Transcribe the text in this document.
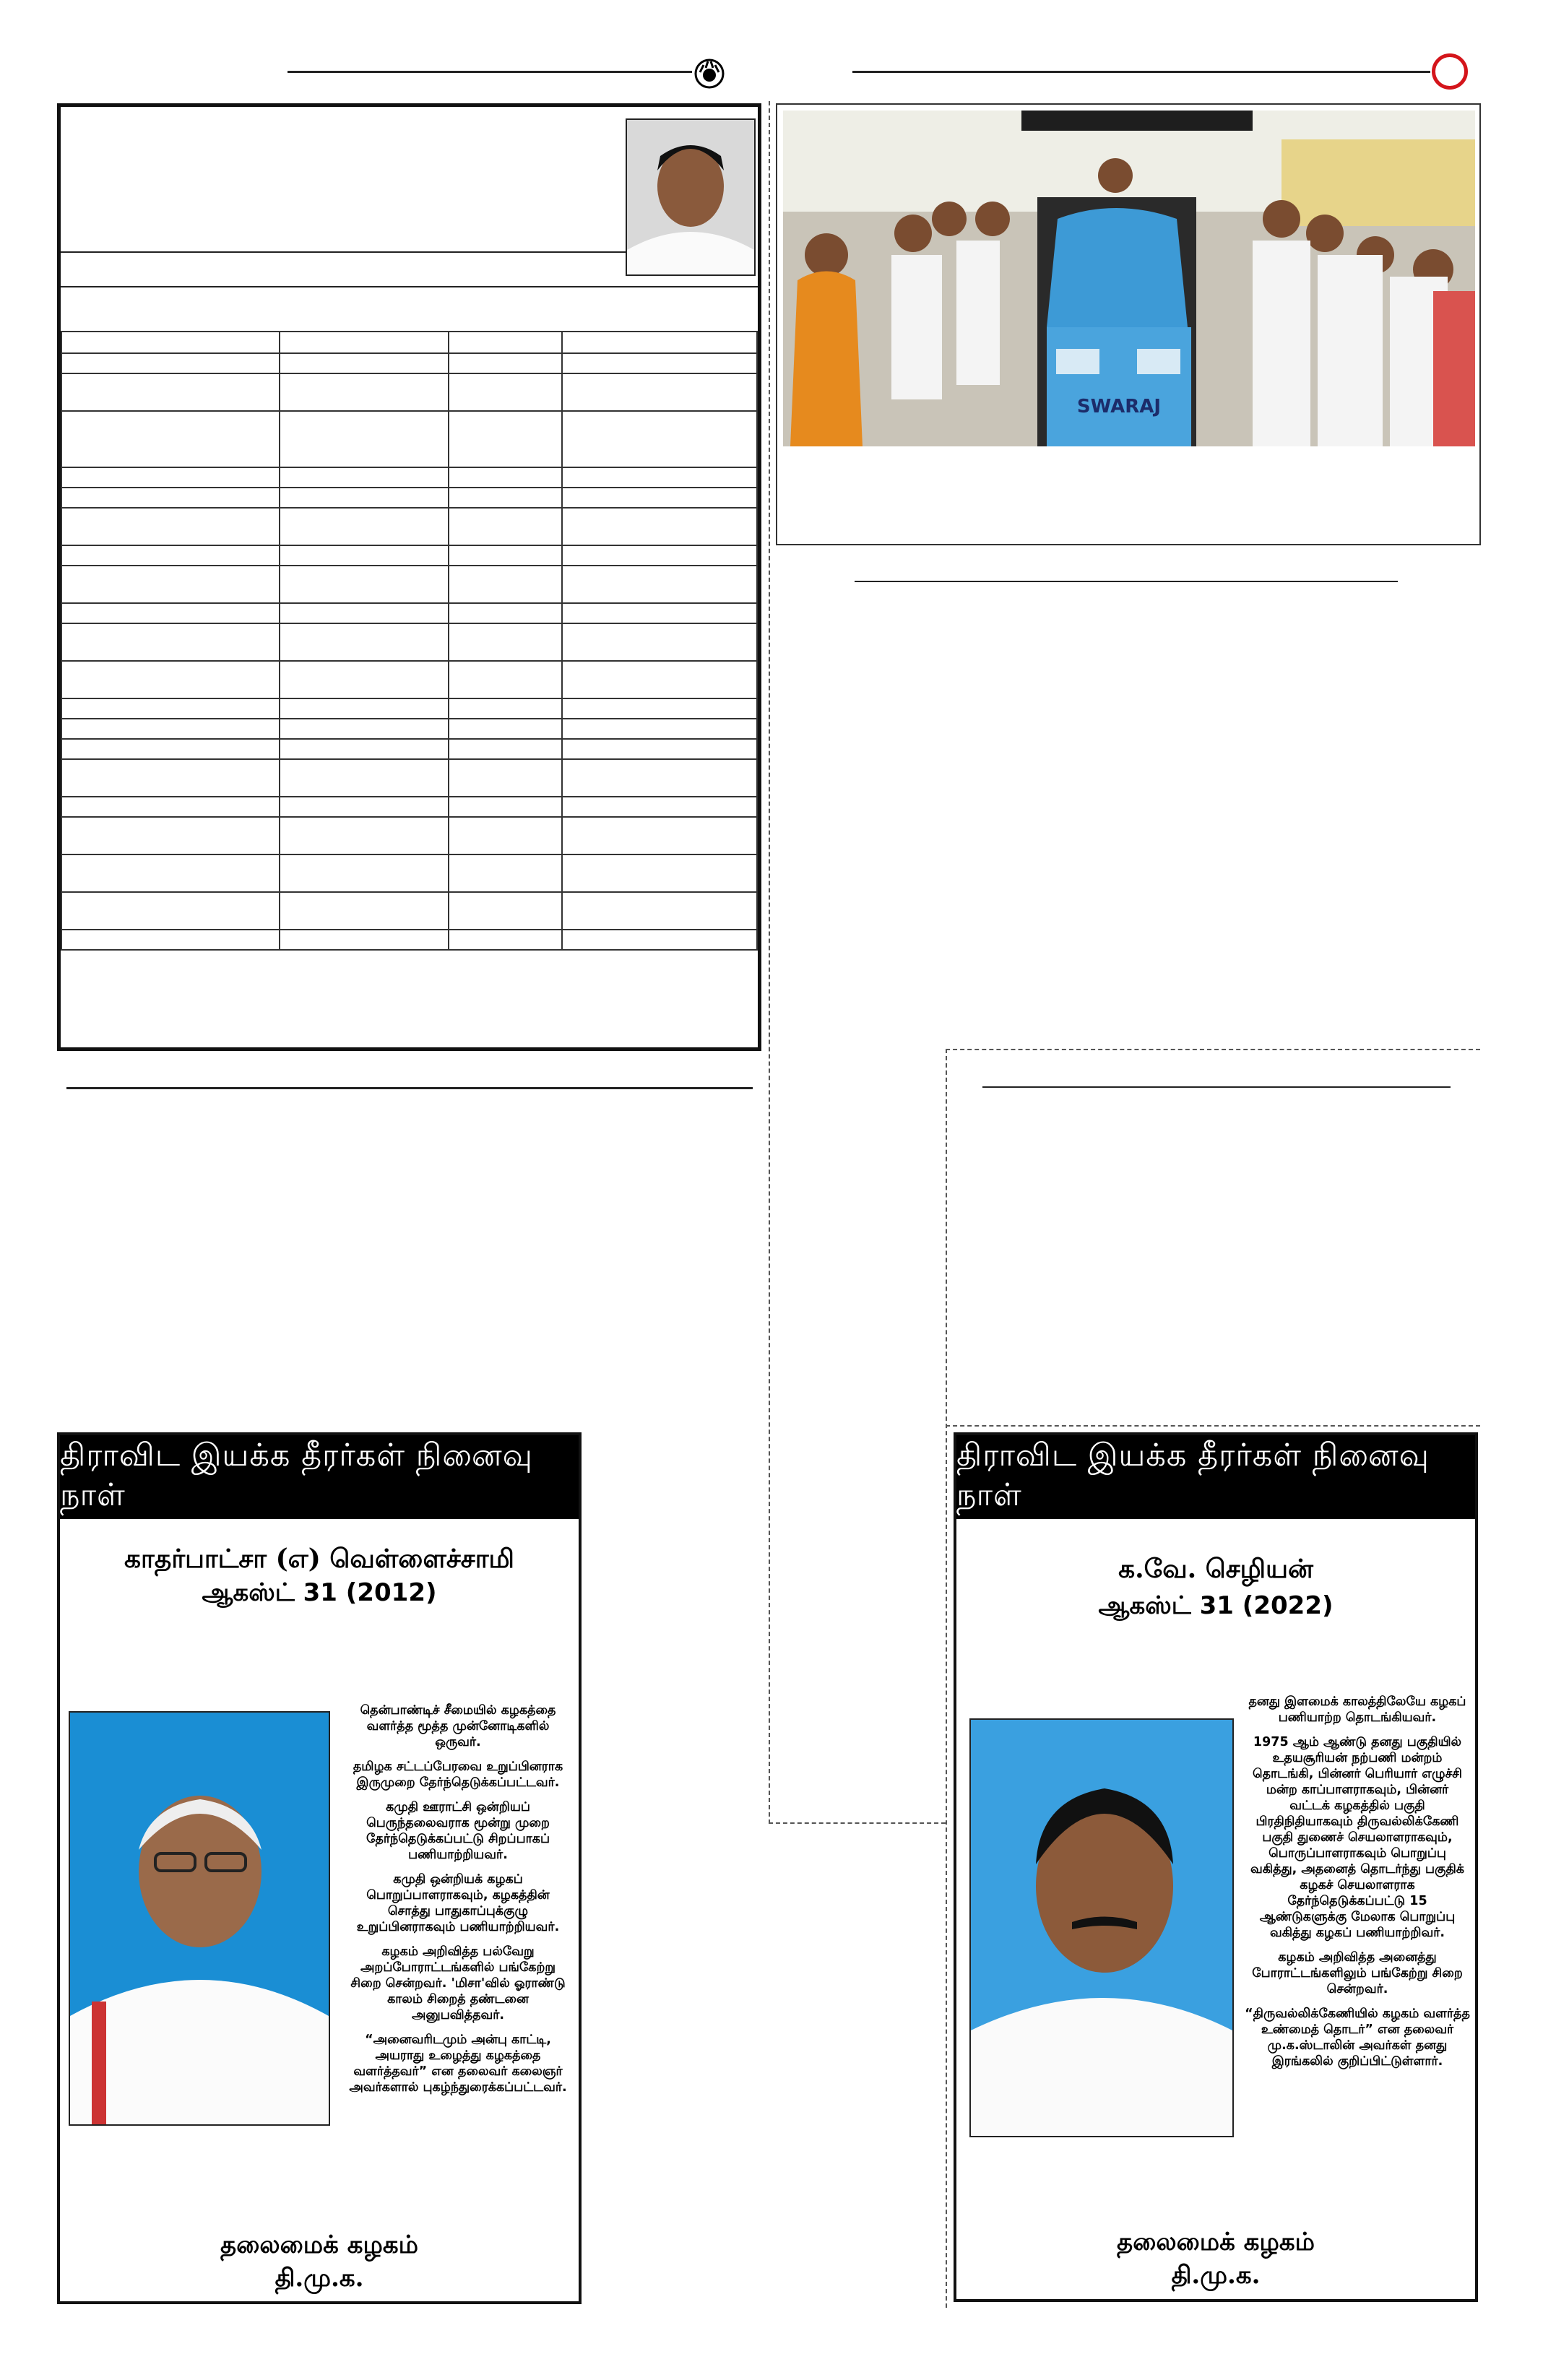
SWARAJ
திராவிட இயக்க தீரர்கள் நினைவு நாள்
காதர்பாட்சா (எ) வெள்ளைச்சாமி
ஆகஸ்ட் 31 (2012)

தென்பாண்டிச் சீமையில் கழகத்தை வளர்த்த மூத்த முன்னோடிகளில் ஒருவர்.

தமிழக சட்டப்பேரவை உறுப்பினராக இருமுறை தேர்ந்தெடுக்கப்பட்டவர்.

கமுதி ஊராட்சி ஒன்றியப் பெருந்தலைவராக மூன்று முறை தேர்ந்தெடுக்கப்பட்டு சிறப்பாகப் பணியாற்றியவர்.

கமுதி ஒன்றியக் கழகப் பொறுப்பாளராகவும், கழகத்தின் சொத்து பாதுகாப்புக்குழு உறுப்பினராகவும் பணியாற்றியவர்.

கழகம் அறிவித்த பல்வேறு அறப்போராட்டங்களில் பங்கேற்று சிறை சென்றவர். 'மிசா'வில் ஓராண்டு காலம் சிறைத் தண்டனை அனுபவித்தவர்.

“அனைவரிடமும் அன்பு காட்டி, அயராது உழைத்து கழகத்தை வளர்த்தவர்” என தலைவர் கலைஞர் அவர்களால் புகழ்ந்துரைக்கப்பட்டவர்.

தலைமைக் கழகம்
தி.மு.க.
திராவிட இயக்க தீரர்கள் நினைவு நாள்
க.வே. செழியன்
ஆகஸ்ட் 31 (2022)

தனது இளமைக் காலத்திலேயே கழகப் பணியாற்ற தொடங்கியவர்.

1975 ஆம் ஆண்டு தனது பகுதியில் உதயசூரியன் நற்பணி மன்றம் தொடங்கி, பின்னர் பெரியார் எழுச்சி மன்ற காப்பாளராகவும், பின்னர் வட்டக் கழகத்தில் பகுதி பிரதிநிதியாகவும் திருவல்லிக்கேணி பகுதி துணைச் செயலாளராகவும், பொருப்பாளராகவும் பொறுப்பு வகித்து, அதனைத் தொடர்ந்து பகுதிக் கழகச் செயலாளராக தேர்ந்தெடுக்கப்பட்டு 15 ஆண்டுகளுக்கு மேலாக பொறுப்பு வகித்து கழகப் பணியாற்றிவர்.

கழகம் அறிவித்த அனைத்து போராட்டங்களிலும் பங்கேற்று சிறை சென்றவர்.

“திருவல்லிக்கேணியில் கழகம் வளர்த்த உண்மைத் தொடர்” என தலைவர் மு.க.ஸ்டாலின் அவர்கள் தனது இரங்கலில் குறிப்பிட்டுள்ளார்.

தலைமைக் கழகம்
தி.மு.க.
